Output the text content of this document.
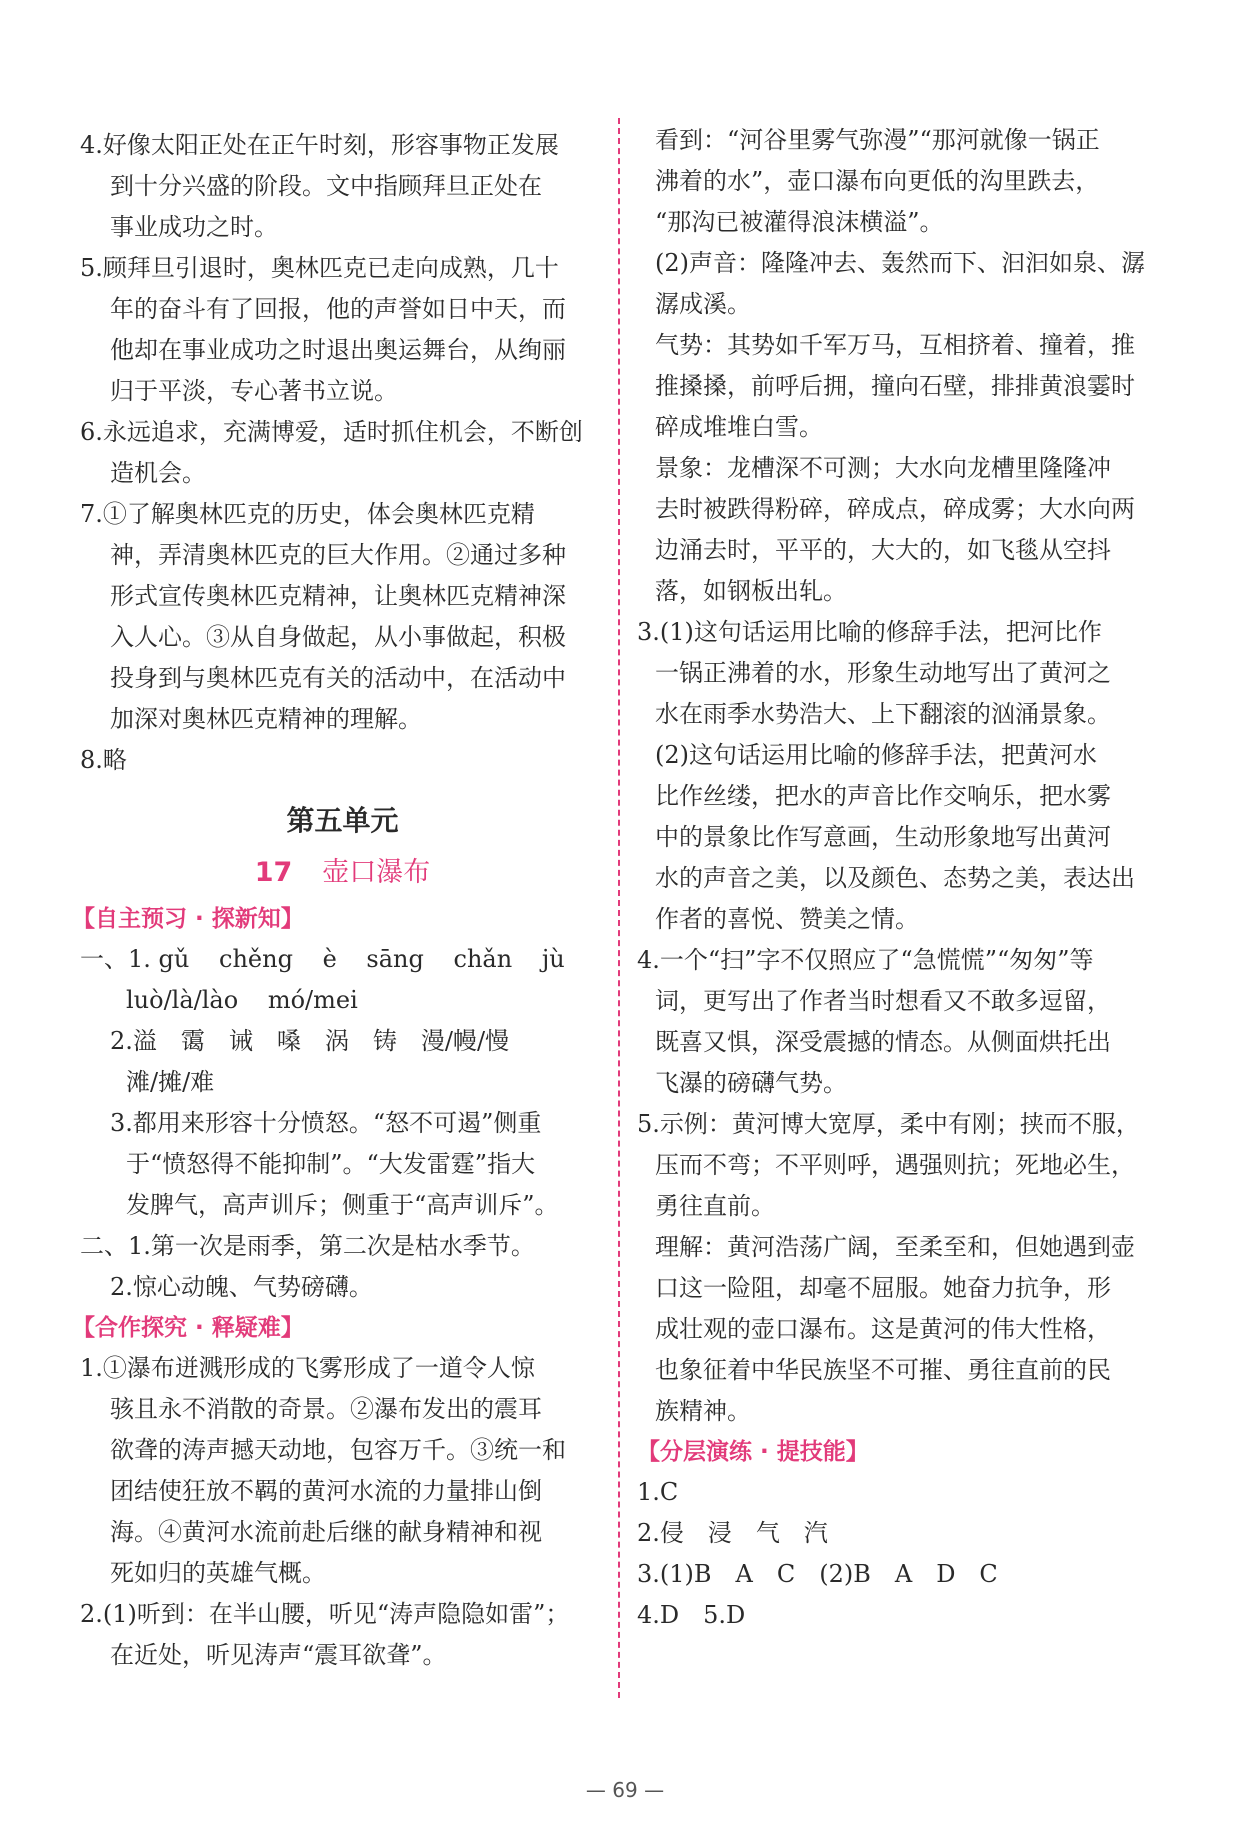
4.好像太阳正处在正午时刻，形容事物正发展

到十分兴盛的阶段。文中指顾拜旦正处在

事业成功之时。

5.顾拜旦引退时，奥林匹克已走向成熟，几十

年的奋斗有了回报，他的声誉如日中天，而

他却在事业成功之时退出奥运舞台，从绚丽

归于平淡，专心著书立说。

6.永远追求，充满博爱，适时抓住机会，不断创

造机会。

7.①了解奥林匹克的历史，体会奥林匹克精

神，弄清奥林匹克的巨大作用。②通过多种

形式宣传奥林匹克精神，让奥林匹克精神深

入人心。③从自身做起，从小事做起，积极

投身到与奥林匹克有关的活动中，在活动中

加深对奥林匹克精神的理解。

8.略

第五单元
17 壶口瀑布
【自主预习 · 探新知】

一、1. gǔ chěng è sāng chǎn jù

luò/là/lào mó/mei

2.溢　霭　诫　嗓　涡　铸　漫/幔/慢

滩/摊/难

3.都用来形容十分愤怒。“怒不可遏”侧重

于“愤怒得不能抑制”。“大发雷霆”指大

发脾气，高声训斥；侧重于“高声训斥”。

二、1.第一次是雨季，第二次是枯水季节。

2.惊心动魄、气势磅礴。

【合作探究 · 释疑难】

1.①瀑布迸溅形成的飞雾形成了一道令人惊

骇且永不消散的奇景。②瀑布发出的震耳

欲聋的涛声撼天动地，包容万千。③统一和

团结使狂放不羁的黄河水流的力量排山倒

海。④黄河水流前赴后继的献身精神和视

死如归的英雄气概。

2.(1)听到：在半山腰，听见“涛声隐隐如雷”；

在近处，听见涛声“震耳欲聋”。

看到：“河谷里雾气弥漫”“那河就像一锅正

沸着的水”，壶口瀑布向更低的沟里跌去，

“那沟已被灌得浪沫横溢”。

(2)声音：隆隆冲去、轰然而下、汩汩如泉、潺

潺成溪。

气势：其势如千军万马，互相挤着、撞着，推

推搡搡，前呼后拥，撞向石壁，排排黄浪霎时

碎成堆堆白雪。

景象：龙槽深不可测；大水向龙槽里隆隆冲

去时被跌得粉碎，碎成点，碎成雾；大水向两

边涌去时，平平的，大大的，如飞毯从空抖

落，如钢板出轧。

3.(1)这句话运用比喻的修辞手法，把河比作

一锅正沸着的水，形象生动地写出了黄河之

水在雨季水势浩大、上下翻滚的汹涌景象。

(2)这句话运用比喻的修辞手法，把黄河水

比作丝缕，把水的声音比作交响乐，把水雾

中的景象比作写意画，生动形象地写出黄河

水的声音之美，以及颜色、态势之美，表达出

作者的喜悦、赞美之情。

4.一个“扫”字不仅照应了“急慌慌”“匆匆”等

词，更写出了作者当时想看又不敢多逗留，

既喜又惧，深受震撼的情态。从侧面烘托出

飞瀑的磅礴气势。

5.示例：黄河博大宽厚，柔中有刚；挟而不服，

压而不弯；不平则呼，遇强则抗；死地必生，

勇往直前。

理解：黄河浩荡广阔，至柔至和，但她遇到壶

口这一险阻，却毫不屈服。她奋力抗争，形

成壮观的壶口瀑布。这是黄河的伟大性格，

也象征着中华民族坚不可摧、勇往直前的民

族精神。

【分层演练 · 提技能】

1.C

2.侵　浸　气　汽

3.(1)B　A　C　(2)B　A　D　C

4.D　5.D

— 69 —
